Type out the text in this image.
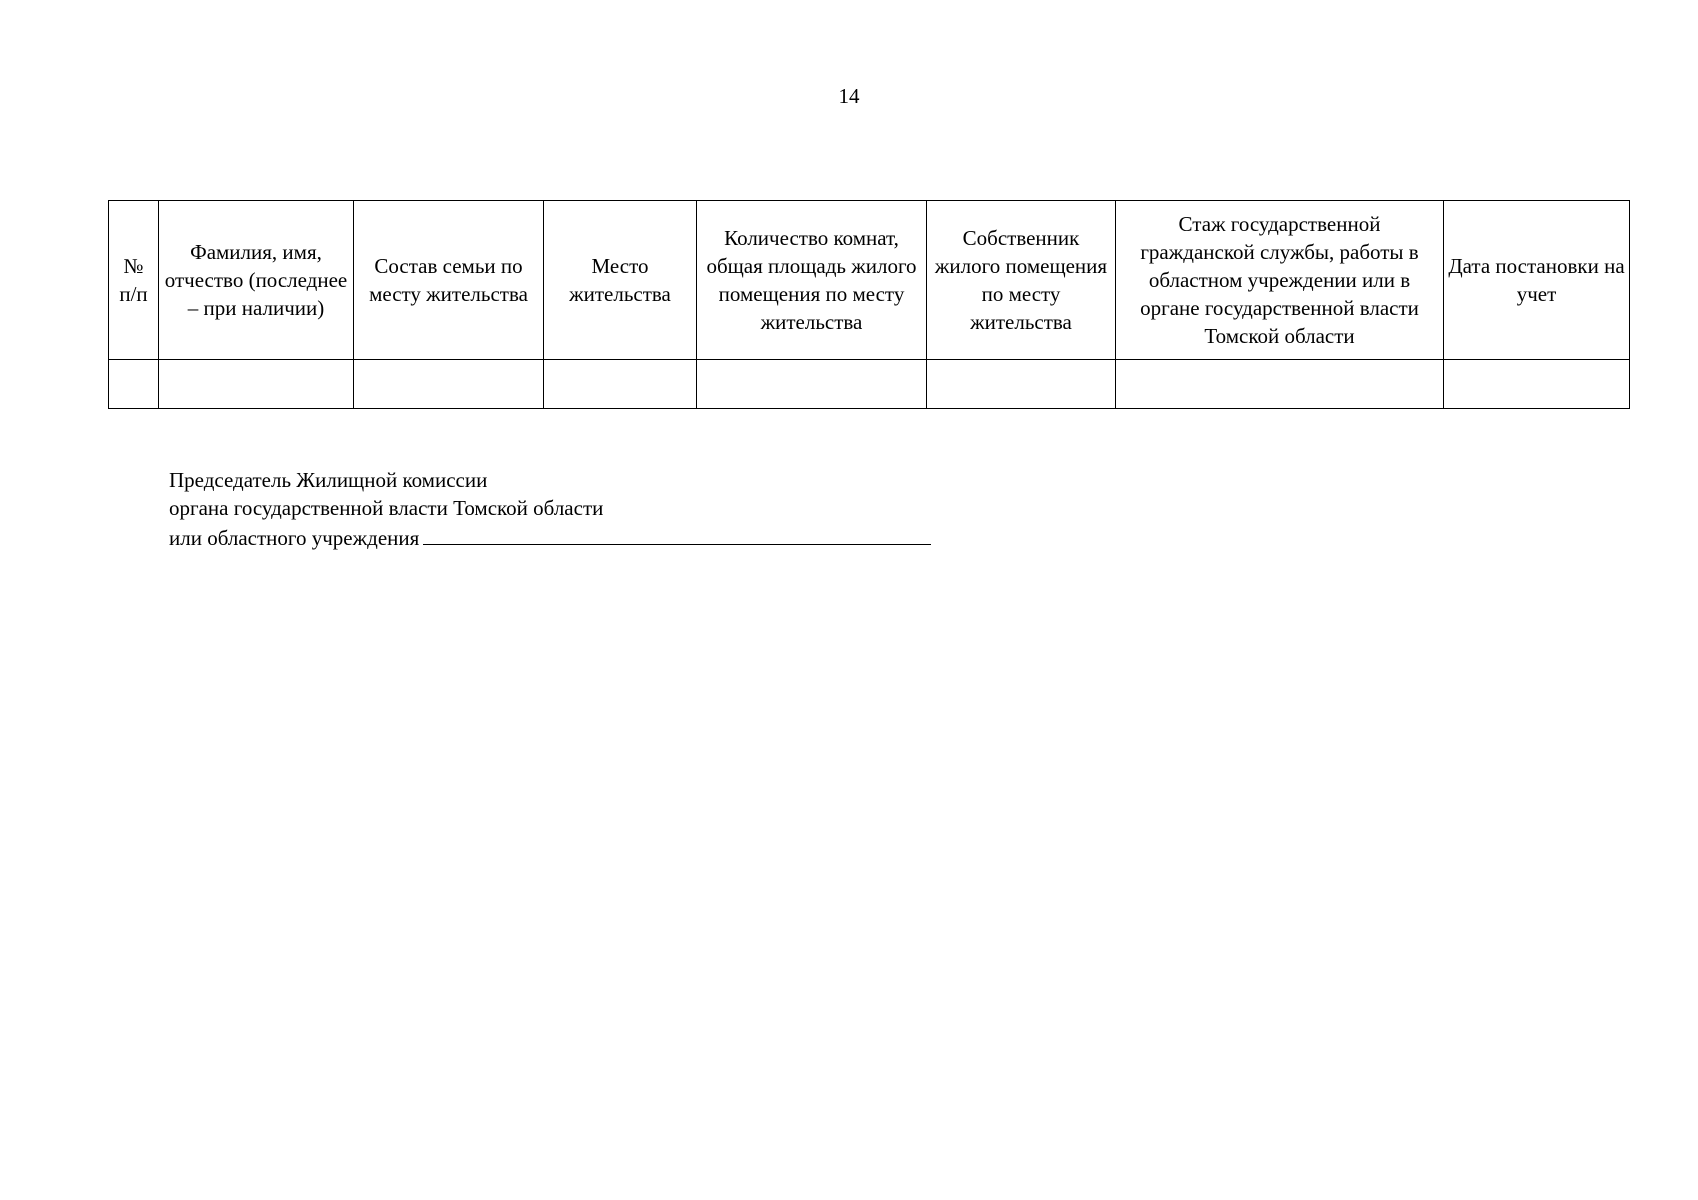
14
№ п/п	Фамилия, имя, отчество (последнее – при наличии)	Состав семьи по месту жительства	Место жительства	Количество комнат, общая площадь жилого помещения по месту жительства	Собственник жилого помещения по месту жительства	Стаж государственной гражданской службы, работы в областном учреждении или в органе государственной власти Томской области	Дата постановки на учет

Председатель Жилищной комиссии
органа государственной власти Томской области
или областного учреждения
